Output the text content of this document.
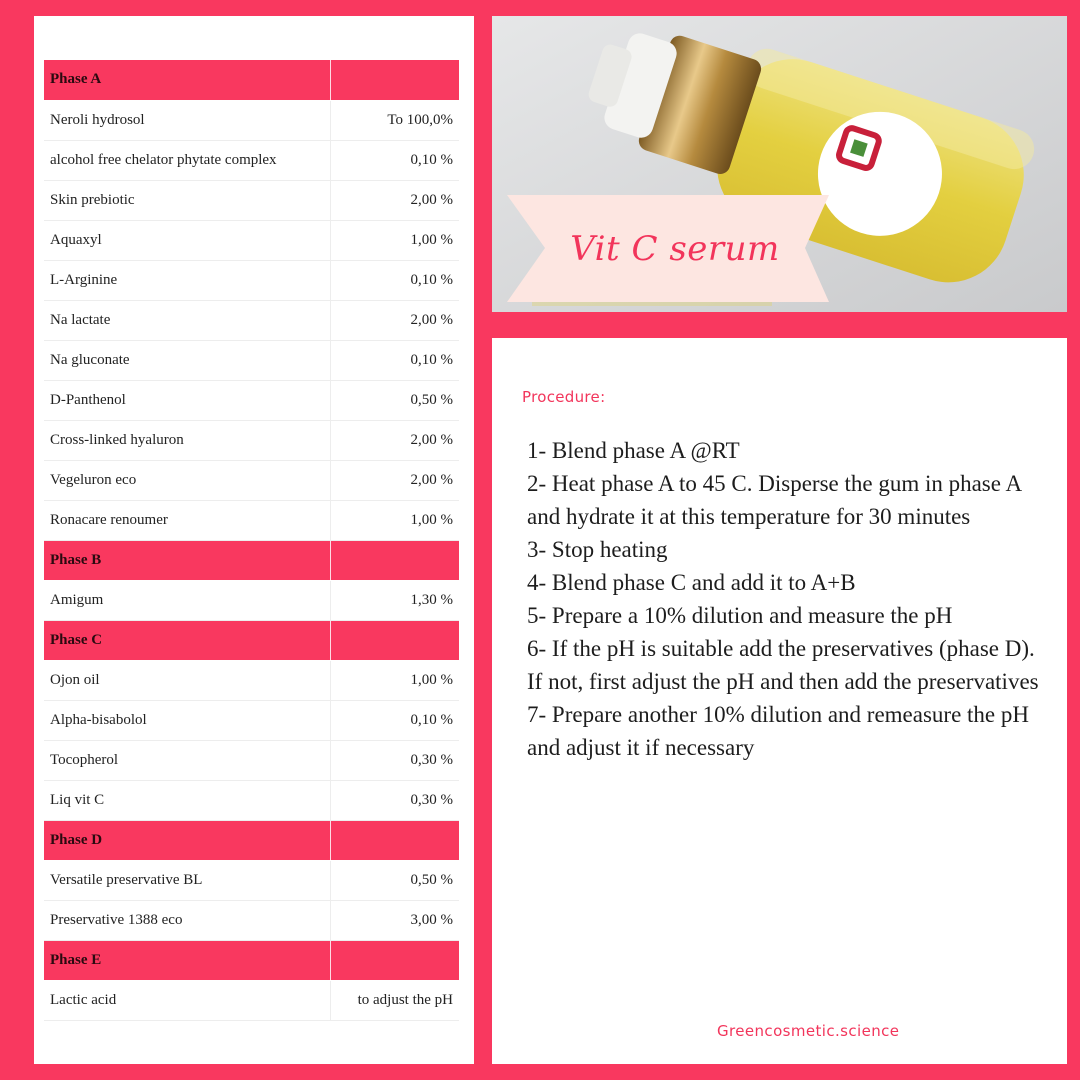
Phase A	
Neroli hydrosol	To 100,0%
alcohol free chelator phytate complex	0,10 %
Skin prebiotic	2,00 %
Aquaxyl	1,00 %
L-Arginine	0,10 %
Na lactate	2,00 %
Na gluconate	0,10 %
D-Panthenol	0,50 %
Cross-linked hyaluron	2,00 %
Vegeluron eco	2,00 %
Ronacare renoumer	1,00 %
Phase B	
Amigum	1,30 %
Phase C	
Ojon oil	1,00 %
Alpha-bisabolol	0,10 %
Tocopherol	0,30 %
Liq vit C	0,30 %
Phase D	
Versatile preservative BL	0,50 %
Preservative 1388 eco	3,00 %
Phase E	
Lactic acid	to adjust the pH
Vit C serum
Procedure:
1- Blend phase A @RT
2- Heat phase A to 45 C. Disperse the gum in phase A and hydrate it at this temperature for 30 minutes
3- Stop heating
4- Blend phase C and add it to A+B
5- Prepare a 10% dilution and measure the pH
6- If the pH is suitable add the preservatives (phase D). If not, first adjust the pH and then add the preservatives
7- Prepare another 10% dilution and remeasure the pH and adjust it if necessary
Greencosmetic.science
